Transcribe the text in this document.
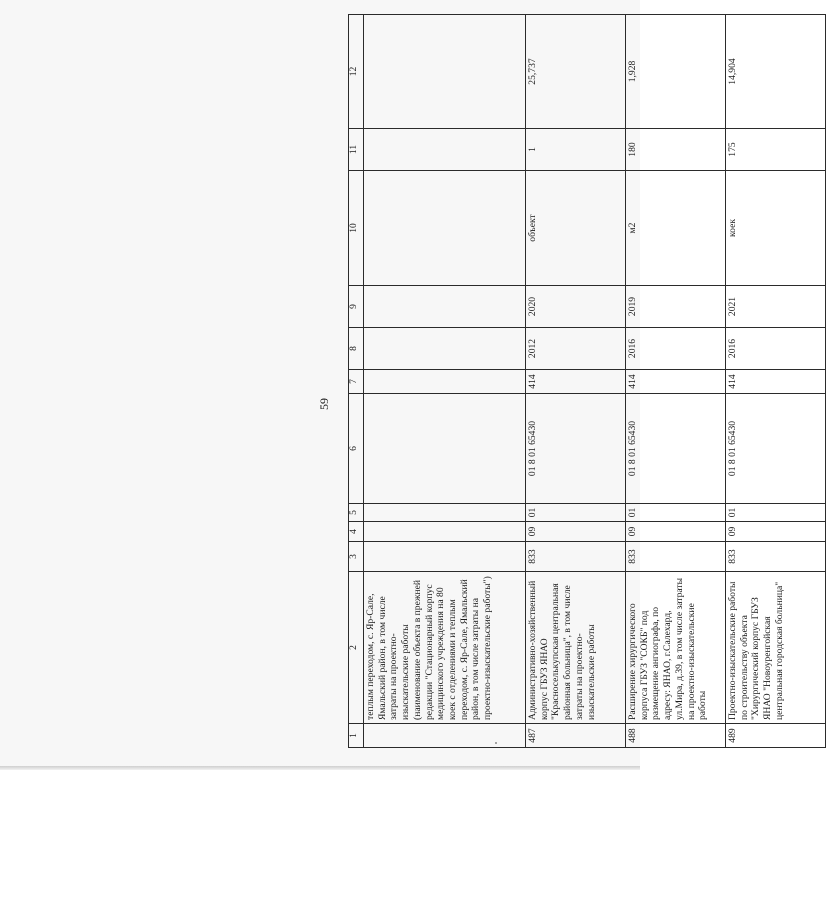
59
1	2	3	4	5	6	7	8	9	10	11	12
	теплым переходом, с. Яр-Сале, Ямальский район, в том числе затраты на проектно-изыскательские работы (наименование объекта в прежней редакции "Стационарный корпус медицинского учреждения на 80 коек с отделениями и теплым переходом, с. Яр-Сале, Ямальский район, в том числе затраты на проектно-изыскательские работы")										
487	Административно-хозяйственный корпус ГБУЗ ЯНАО "Красноселькупская центральная районная больница", в том числе затраты на проектно-изыскательские работы	833	09	01	01 8 01 65430	414	2012	2020	объект	1	25,737
488	Расширение хирургического корпуса ГБУЗ "СОКБ" под размещение ангиографа, по адресу: ЯНАО, г.Салехард, ул.Мира, д.39, в том числе затраты на проектно-изыскательские работы	833	09	01	01 8 01 65430	414	2016	2019	м2	180	1,928
489	Проектно-изыскательские работы по строительству объекта "Хирургический корпус ГБУЗ ЯНАО "Новоуренгойская центральная городская больница"	833	09	01	01 8 01 65430	414	2016	2021	коек	175	14,904
